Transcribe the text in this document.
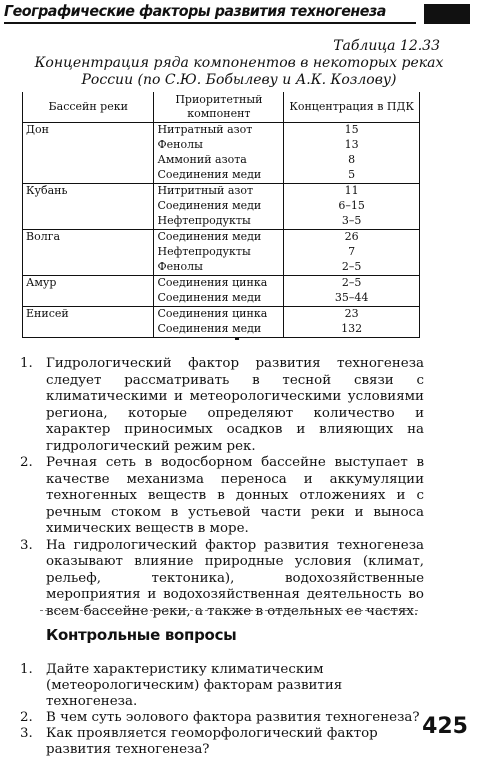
Географические факторы развития техногенеза
Таблица 12.33
Концентрация ряда компонентов в некоторых реках
России (по С.Ю. Бобылеву и А.К. Козлову)
Бассейн реки	Приоритетный компонент	Концентрация в ПДК
Дон	Нитратный азот	15
	Фенолы	13
	Аммоний азота	8
	Соединения меди	5
Кубань	Нитритный азот	11
	Соединения меди	6–15
	Нефтепродукты	3–5
Волга	Соединения меди	26
	Нефтепродукты	7
	Фенолы	2–5
Амур	Соединения цинка	2–5
	Соединения меди	35–44
Енисей	Соединения цинка	23
	Соединения меди	132
1. Гидрологический фактор развития техногенеза следует рассматривать в тесной связи с климатическими и метеорологическими условиями региона, которые определяют количество и характер приносимых осадков и влияющих на гидрологический режим рек.
2. Речная сеть в водосборном бассейне выступает в качестве механизма переноса и аккумуляции техногенных веществ в донных отложениях и с речным стоком в устьевой части реки и выноса химических веществ в море.
3. На гидрологический фактор развития техногенеза оказывают влияние природные условия (климат, рельеф, тектоника), водохозяйственные мероприятия и водохозяйственная деятельность во всем бассейне реки, а также в отдельных ее частях.
Контрольные вопросы
1. Дайте характеристику климатическим (метеорологическим) факторам развития техногенеза.
2. В чем суть эолового фактора развития техногенеза?
3. Как проявляется геоморфологический фактор развития техногенеза?
425
